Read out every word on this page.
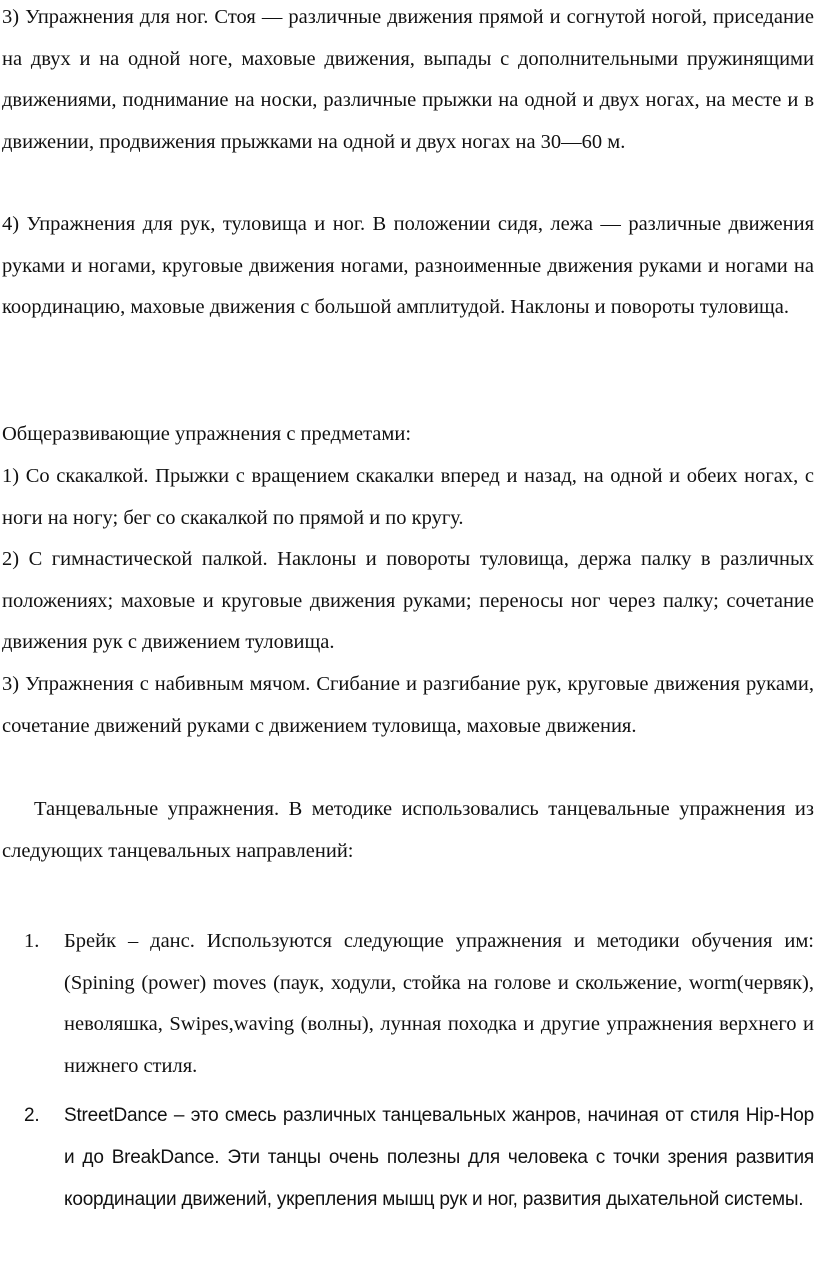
3) Упражнения для ног. Стоя — различные движения прямой и согнутой ногой, приседание на двух и на одной ноге, маховые движения, выпады с дополнительными пружинящими движениями, поднимание на носки, различные прыжки на одной и двух ногах, на месте и в движении, продвижения прыжками на одной и двух ногах на 30—60 м.

4) Упражнения для рук, туловища и ног. В положении сидя, лежа — различные движения руками и ногами, круговые движения ногами, разноименные движения руками и ногами на координацию, маховые движения с большой амплитудой. Наклоны и повороты туловища.

Общеразвивающие упражнения с предметами:

1) Со скакалкой. Прыжки с вращением скакалки вперед и назад, на одной и обеих ногах, с ноги на ногу; бег со скакалкой по прямой и по кругу.

2) С гимнастической палкой. Наклоны и повороты туловища, держа палку в различных положениях; маховые и круговые движения руками; переносы ног через палку; сочетание движения рук с движением туловища.

3) Упражнения с набивным мячом. Сгибание и разгибание рук, круговые движения руками, сочетание движений руками с движением туловища, маховые движения.

Танцевальные упражнения. В методике использовались танцевальные упражнения из следующих танцевальных направлений:

1.	Брейк – данс. Используются следующие упражнения и методики обучения им: (Spining (power) moves (паук, ходули, стойка на голове и скольжение, worm(червяк), неволяшка, Swipes,waving (волны), лунная походка и другие упражнения верхнего и нижнего стиля.

2.	StreetDance – это смесь различных танцевальных жанров, начиная от стиля Hip-Hop и до BreakDance. Эти танцы очень полезны для человека с точки зрения развития координации движений, укрепления мышц рук и ног, развития дыхательной системы.
